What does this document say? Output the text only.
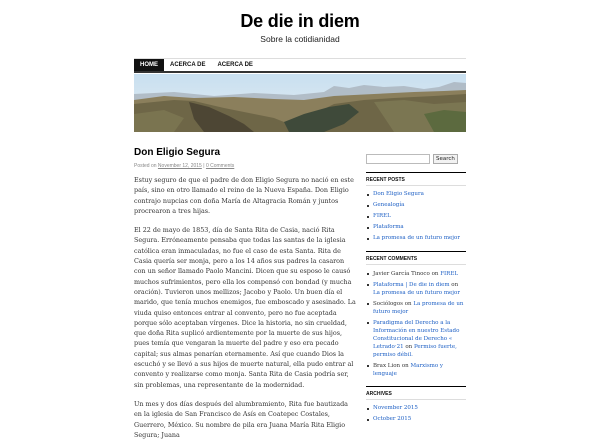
De die in diem
Sobre la cotidianidad
HOME	ACERCA DE	ACERCA DE
Don Eligio Segura
Posted on November 12, 2015 | 0 Comments

Estuy seguro de que el padre de don Eligio Segura no nació en este país, sino en otro llamado el reino de la Nueva España. Don Eligio contrajo nupcias con doña María de Altagracia Román y juntos procrearon a tres hijas.

El 22 de mayo de 1853, día de Santa Rita de Casia, nació Rita Segura. Erróneamente pensaba que todas las santas de la iglesia católica eran inmaculadas, no fue el caso de esta Santa. Rita de Casia quería ser monja, pero a los 14 años sus padres la casaron con un señor llamado Paolo Mancini. Dicen que su esposo le causó muchos sufrimientos, pero ella los compensó con bondad (y mucha oración). Tuvieron unos mellizos; Jacobo y Paolo. Un buen día el marido, que tenía muchos enemigos, fue emboscado y asesinado. La viuda quiso entonces entrar al convento, pero no fue aceptada porque sólo aceptaban vírgenes. Dice la historia, no sin crueldad, que doña Rita suplicó ardientemente por la muerte de sus hijos, pues temía que vengaran la muerte del padre y eso era pecado capital; sus almas penarían eternamente. Así que cuando Dios la escuchó y se llevó a sus hijos de muerte natural, ella pudo entrar al convento y realizarse como monja. Santa Rita de Casia podría ser, sin problemas, una representante de la modernidad.

Un mes y dos días después del alumbramiento, Rita fue bautizada en la iglesia de San Francisco de Asís en Coatepec Costales, Guerrero, México. Su nombre de pila era Juana María Rita Eligio Segura; Juana

Search
RECENT POSTS
Don Eligio Segura
Genealogía
FIREL
Plataforma
La promesa de un futuro mejor
RECENT COMMENTS
Javier García Tinoco on FIREL
Plataforma | De die in diem on La promesa de un futuro mejor
Sociólogos on La promesa de un futuro mejor
Paradigma del Derecho a la Información en nuestro Estado Constitucional de Derecho « Letrado·21 on Permiso fuerte, permiso débil.
Brax Lion on Marxismo y lenguaje
ARCHIVES
November 2015
October 2015
